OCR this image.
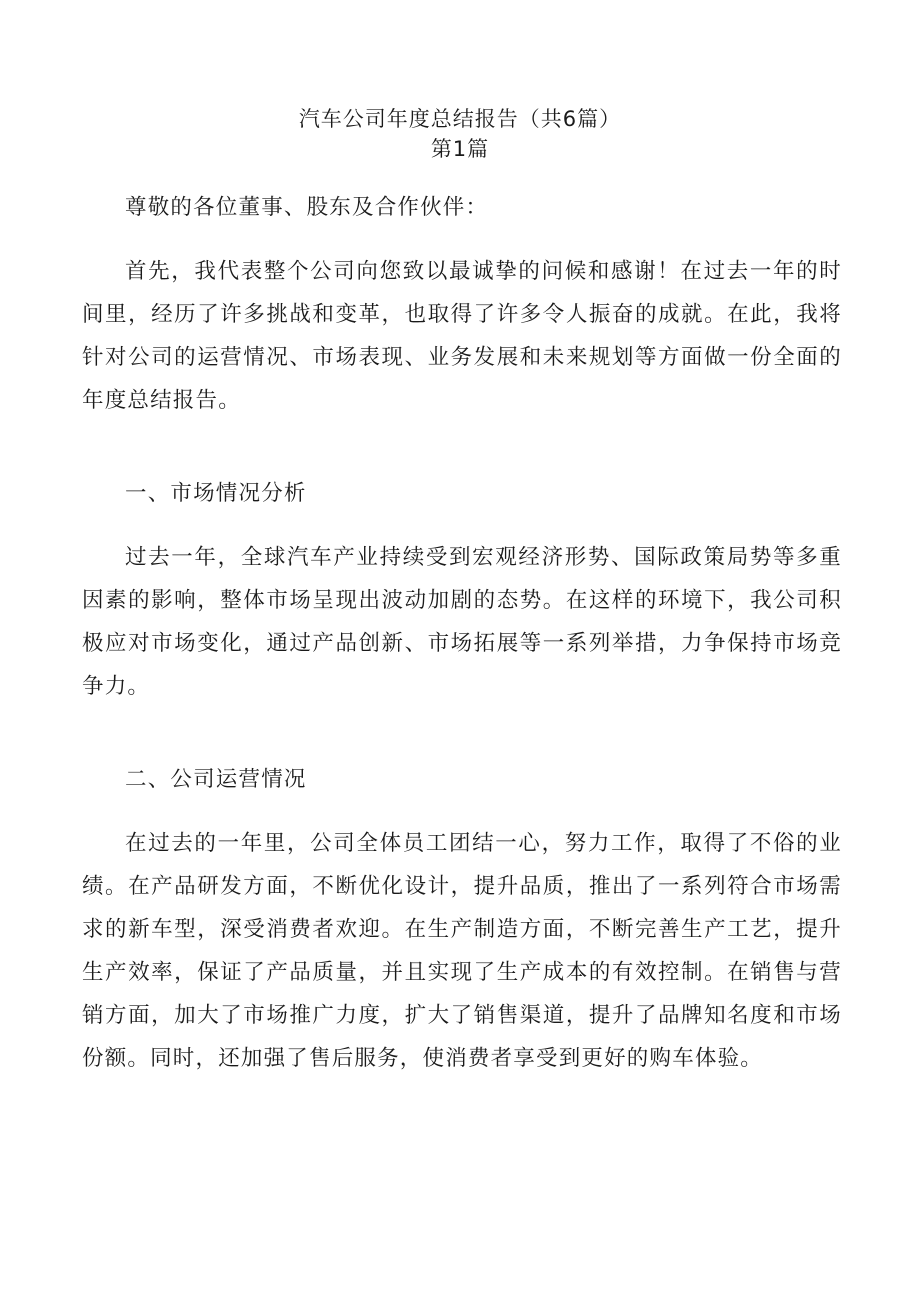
汽车公司年度总结报告（共6篇）

第1篇

尊敬的各位董事、股东及合作伙伴：

首先，我代表整个公司向您致以最诚挚的问候和感谢！在过去一年的时间里，经历了许多挑战和变革，也取得了许多令人振奋的成就。在此，我将针对公司的运营情况、市场表现、业务发展和未来规划等方面做一份全面的年度总结报告。

一、市场情况分析

过去一年，全球汽车产业持续受到宏观经济形势、国际政策局势等多重因素的影响，整体市场呈现出波动加剧的态势。在这样的环境下，我公司积极应对市场变化，通过产品创新、市场拓展等一系列举措，力争保持市场竞争力。

二、公司运营情况

在过去的一年里，公司全体员工团结一心，努力工作，取得了不俗的业绩。在产品研发方面，不断优化设计，提升品质，推出了一系列符合市场需求的新车型，深受消费者欢迎。在生产制造方面，不断完善生产工艺，提升生产效率，保证了产品质量，并且实现了生产成本的有效控制。在销售与营销方面，加大了市场推广力度，扩大了销售渠道，提升了品牌知名度和市场份额。同时，还加强了售后服务，使消费者享受到更好的购车体验。
